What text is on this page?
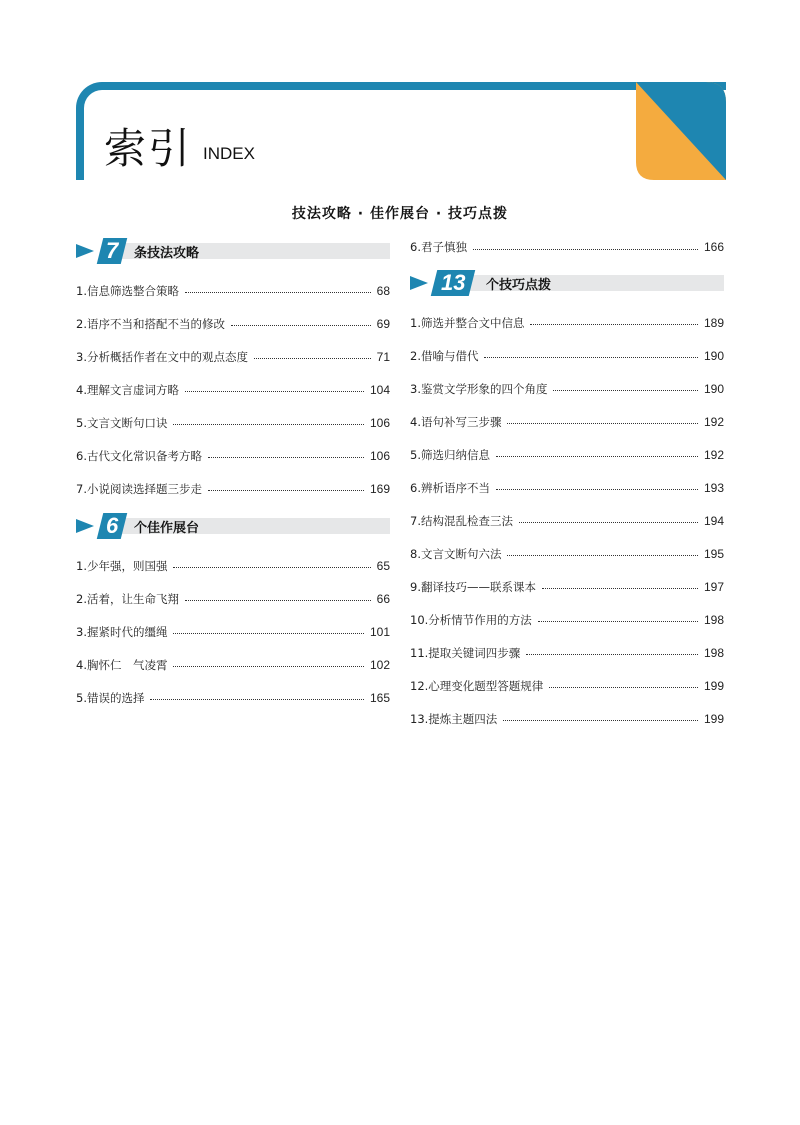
索引 INDEX
技法攻略 · 佳作展台 · 技巧点拨
7 条技法攻略
1.信息筛选整合策略	68
2.语序不当和搭配不当的修改	69
3.分析概括作者在文中的观点态度	71
4.理解文言虚词方略	104
5.文言文断句口诀	106
6.古代文化常识备考方略	106
7.小说阅读选择题三步走	169
6 个佳作展台
1.少年强，则国强	65
2.活着，让生命飞翔	66
3.握紧时代的缰绳	101
4.胸怀仁　气凌霄	102
5.错误的选择	165
6.君子慎独	166
13 个技巧点拨
1.筛选并整合文中信息	189
2.借喻与借代	190
3.鉴赏文学形象的四个角度	190
4.语句补写三步骤	192
5.筛选归纳信息	192
6.辨析语序不当	193
7.结构混乱检查三法	194
8.文言文断句六法	195
9.翻译技巧——联系课本	197
10.分析情节作用的方法	198
11.提取关键词四步骤	198
12.心理变化题型答题规律	199
13.提炼主题四法	199
